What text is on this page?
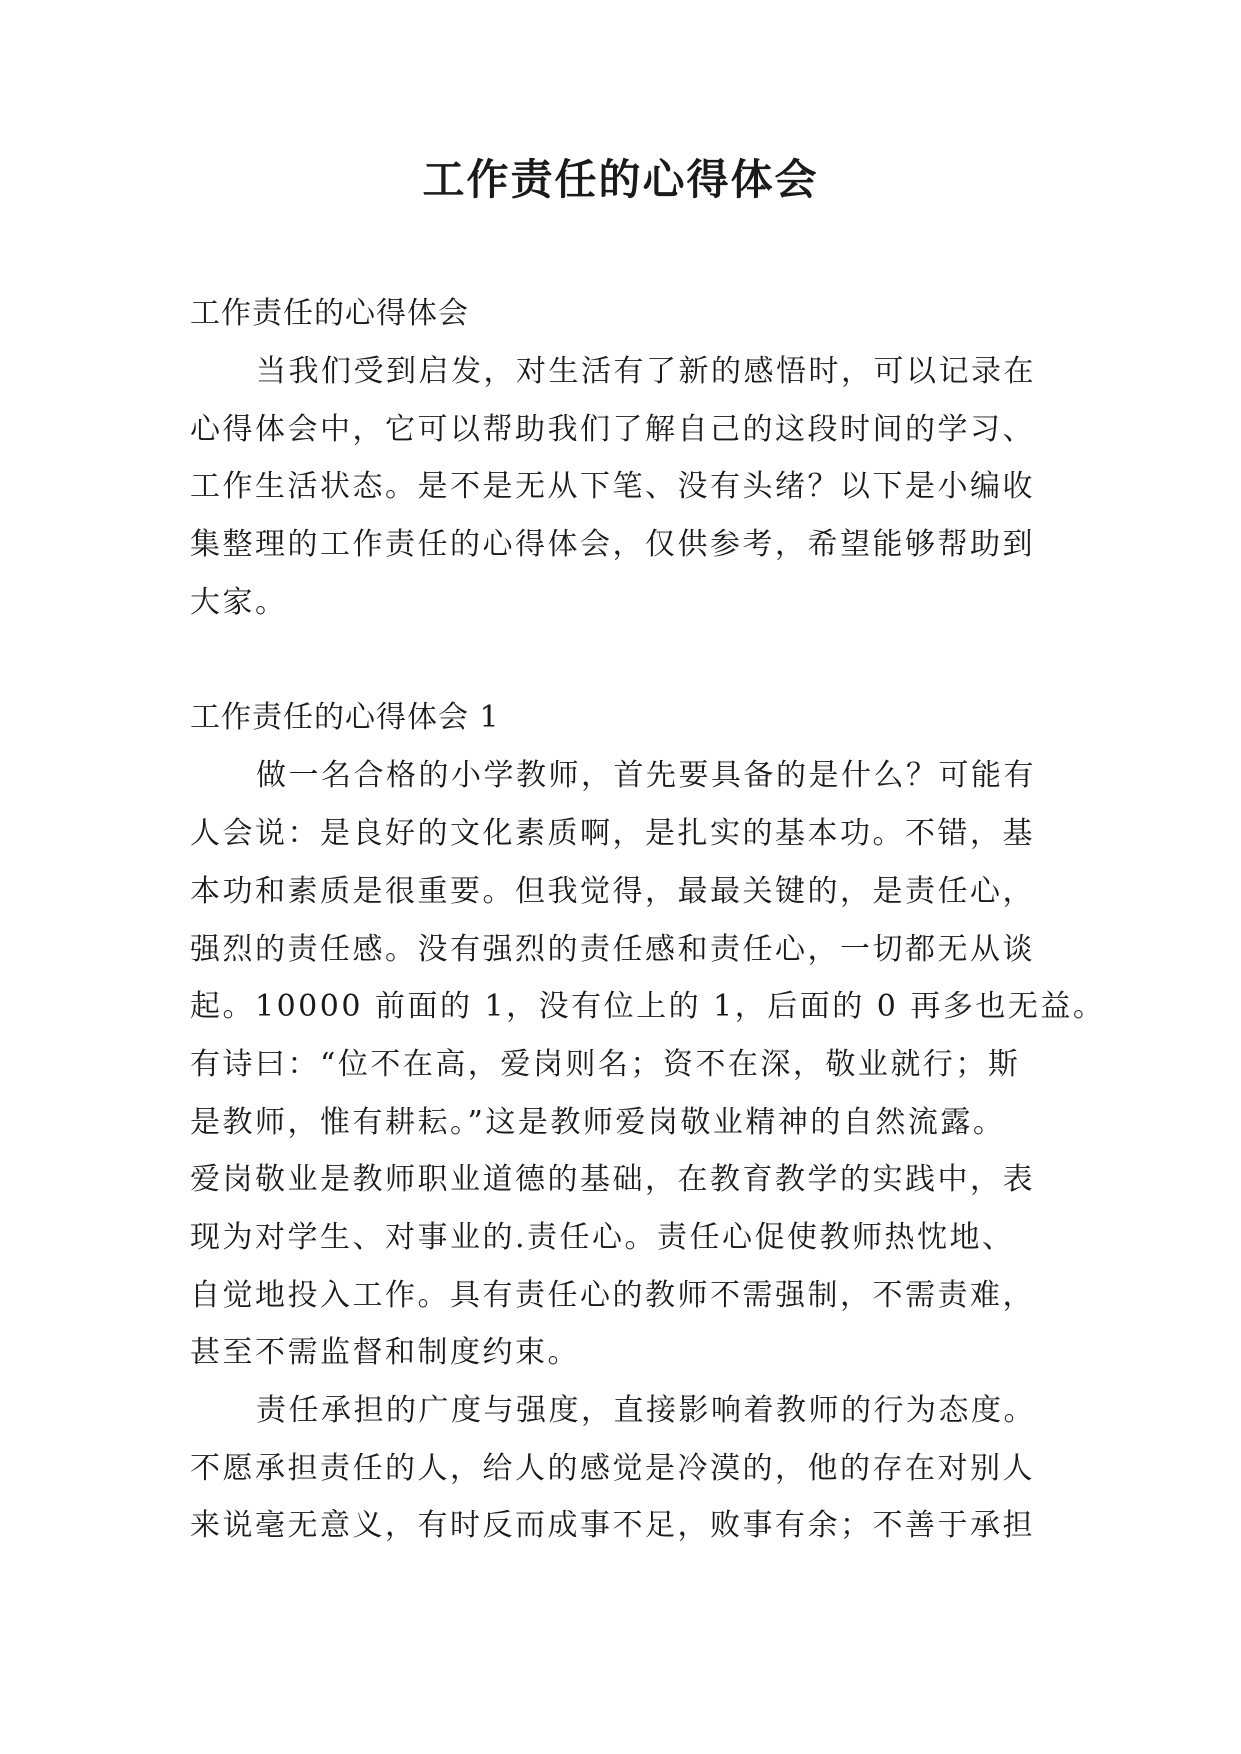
工作责任的心得体会
工作责任的心得体会
当我们受到启发，对生活有了新的感悟时，可以记录在
心得体会中，它可以帮助我们了解自己的这段时间的学习、
工作生活状态。是不是无从下笔、没有头绪？以下是小编收
集整理的工作责任的心得体会，仅供参考，希望能够帮助到
大家。
工作责任的心得体会 1
做一名合格的小学教师，首先要具备的是什么？可能有
人会说：是良好的文化素质啊，是扎实的基本功。不错，基
本功和素质是很重要。但我觉得，最最关键的，是责任心，
强烈的责任感。没有强烈的责任感和责任心，一切都无从谈
起。10000 前面的 1，没有位上的 1，后面的 0 再多也无益。
有诗曰：“位不在高，爱岗则名；资不在深，敬业就行；斯
是教师，惟有耕耘。”这是教师爱岗敬业精神的自然流露。
爱岗敬业是教师职业道德的基础，在教育教学的实践中，表
现为对学生、对事业的.责任心。责任心促使教师热忱地、
自觉地投入工作。具有责任心的教师不需强制，不需责难，
甚至不需监督和制度约束。
责任承担的广度与强度，直接影响着教师的行为态度。
不愿承担责任的人，给人的感觉是冷漠的，他的存在对别人
来说毫无意义，有时反而成事不足，败事有余；不善于承担
